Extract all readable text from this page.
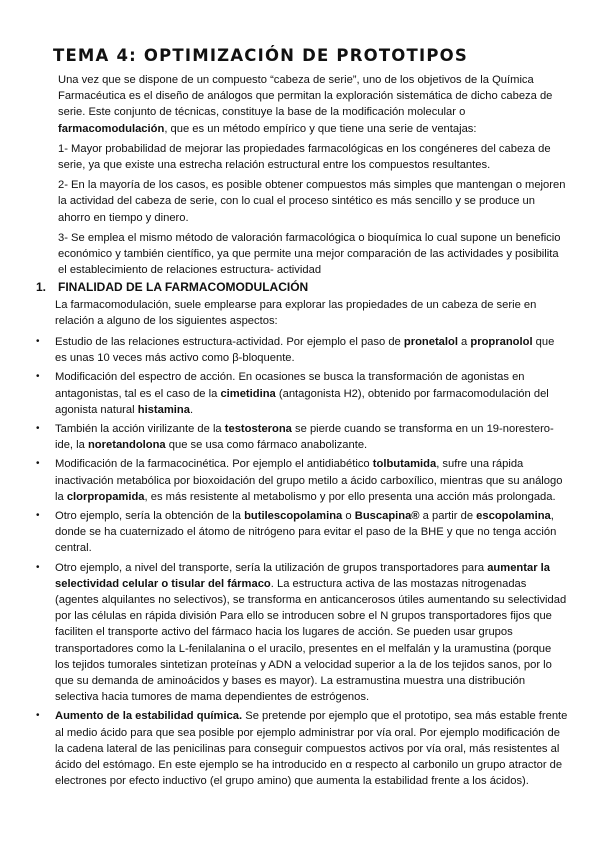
TEMA 4: OPTIMIZACIÓN DE PROTOTIPOS

Una vez que se dispone de un compuesto “cabeza de serie”, uno de los objetivos de la Química Farmacéutica es el diseño de análogos que permitan la exploración sistemática de dicho cabeza de serie. Este conjunto de técnicas, constituye la base de la modificación molecular o farmacomodulación, que es un método empírico y que tiene una serie de ventajas:

1- Mayor probabilidad de mejorar las propiedades farmacológicas en los congéneres del cabeza de serie, ya que existe una estrecha relación estructural entre los compuestos resultantes.

2- En la mayoría de los casos, es posible obtener compuestos más simples que mantengan o mejoren la actividad del cabeza de serie, con lo cual el proceso sintético es más sencillo y se produce un ahorro en tiempo y dinero.

3- Se emplea el mismo método de valoración farmacológica o bioquímica lo cual supone un beneficio económico y también científico, ya que permite una mejor comparación de las actividades y posibilita el establecimiento de relaciones estructura- actividad

1. FINALIDAD DE LA FARMACOMODULACIÓN

La farmacomodulación, suele emplearse para explorar las propiedades de un cabeza de serie en relación a alguno de los siguientes aspectos:

• Estudio de las relaciones estructura-actividad. Por ejemplo el paso de pronetalol a propranolol que es unas 10 veces más activo como β-bloquente.
• Modificación del espectro de acción. En ocasiones se busca la transformación de agonistas en antagonistas, tal es el caso de la cimetidina (antagonista H2), obtenido por farmacomodulación del agonista natural histamina.
• También la acción virilizante de la testosterona se pierde cuando se transforma en un 19-noresteroide, la noretandolona que se usa como fármaco anabolizante.
• Modificación de la farmacocinética. Por ejemplo el antidiabético tolbutamida, sufre una rápida inactivación metabólica por bioxoidación del grupo metilo a ácido carboxílico, mientras que su análogo la clorpropamida, es más resistente al metabolismo y por ello presenta una acción más prolongada.
• Otro ejemplo, sería la obtención de la butilescopolamina o Buscapina® a partir de escopolamina, donde se ha cuaternizado el átomo de nitrógeno para evitar el paso de la BHE y que no tenga acción central.
• Otro ejemplo, a nivel del transporte, sería la utilización de grupos transportadores para aumentar la selectividad celular o tisular del fármaco. La estructura activa de las mostazas nitrogenadas (agentes alquilantes no selectivos), se transforma en anticancerosos útiles aumentando su selectividad por las células en rápida división Para ello se introducen sobre el N grupos transportadores fijos que faciliten el transporte activo del fármaco hacia los lugares de acción. Se pueden usar grupos transportadores como la L-fenilalanina o el uracilo, presentes en el melfalán y la uramustina (porque los tejidos tumorales sintetizan proteínas y ADN a velocidad superior a la de los tejidos sanos, por lo que su demanda de aminoácidos y bases es mayor). La estramustina muestra una distribución selectiva hacia tumores de mama dependientes de estrógenos.
• Aumento de la estabilidad química. Se pretende por ejemplo que el prototipo, sea más estable frente al medio ácido para que sea posible por ejemplo administrar por vía oral. Por ejemplo modificación de la cadena lateral de las penicilinas para conseguir compuestos activos por vía oral, más resistentes al ácido del estómago. En este ejemplo se ha introducido en α respecto al carbonilo un grupo atractor de electrones por efecto inductivo (el grupo amino) que aumenta la estabilidad frente a los ácidos).
